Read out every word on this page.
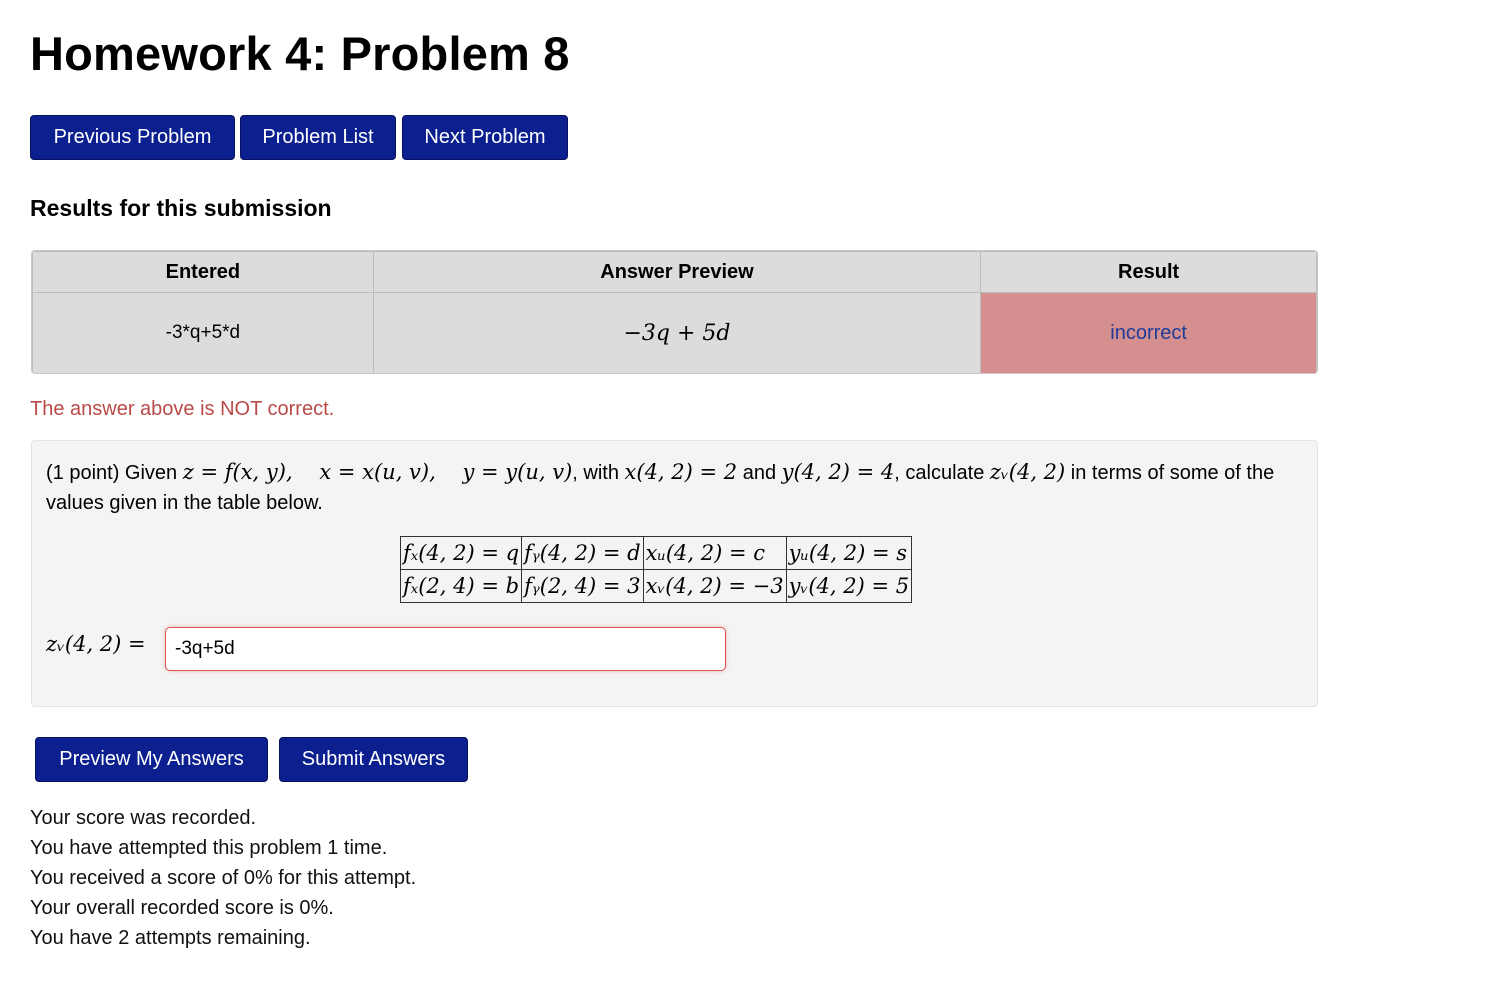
Homework 4: Problem 8
Previous Problem	Problem List	Next Problem
Results for this submission
Entered	Answer Preview	Result
-3*q+5*d	−3q + 5d	incorrect
The answer above is NOT correct.
(1 point) Given z = f(x, y),    x = x(u, v),    y = y(u, v), with x(4, 2) = 2 and y(4, 2) = 4, calculate zᵥ(4, 2) in terms of some of the values given in the table below.
fₓ(4, 2) = q	fᵧ(4, 2) = d	xᵤ(4, 2) = c	yᵤ(4, 2) = s
fₓ(2, 4) = b	fᵧ(2, 4) = 3	xᵥ(4, 2) = −3	yᵥ(4, 2) = 5
zᵥ(4, 2) =
-3q+5d
Preview My Answers	Submit Answers
Your score was recorded.
You have attempted this problem 1 time.
You received a score of 0% for this attempt.
Your overall recorded score is 0%.
You have 2 attempts remaining.
